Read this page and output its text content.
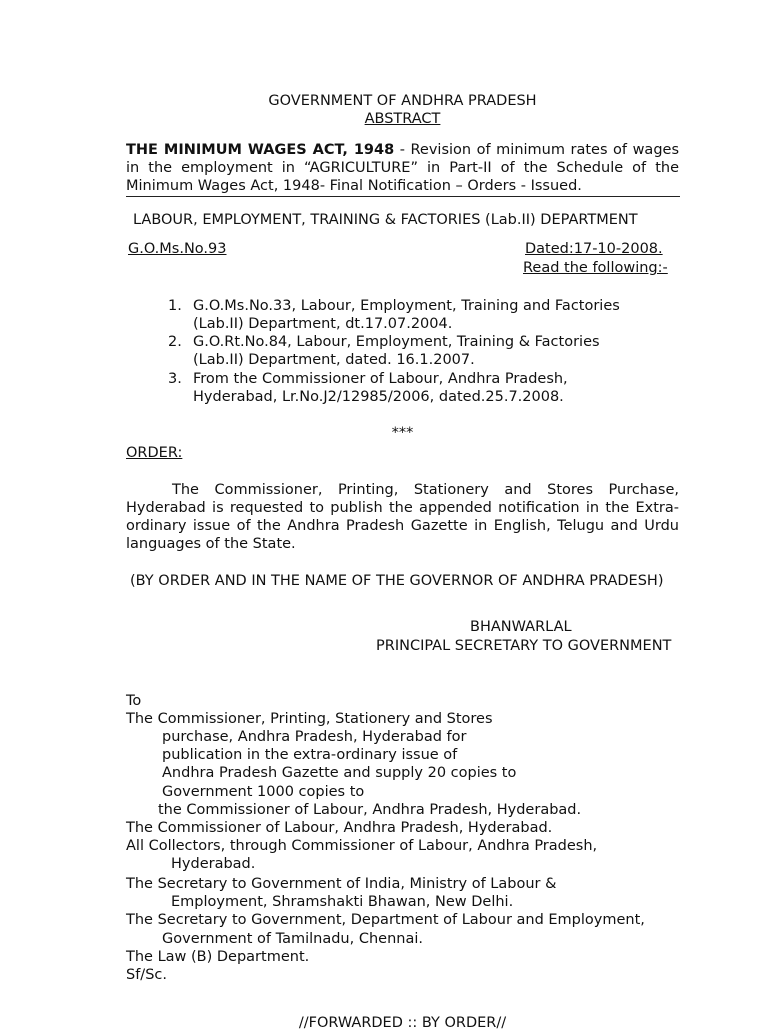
GOVERNMENT OF ANDHRA PRADESH
ABSTRACT
THE MINIMUM WAGES ACT, 1948 - Revision of minimum rates of wages in the employment in “AGRICULTURE” in Part-II of the Schedule of the Minimum Wages Act, 1948- Final Notification – Orders - Issued.
LABOUR, EMPLOYMENT, TRAINING & FACTORIES (Lab.II) DEPARTMENT
G.O.Ms.No.93	Dated:17-10-2008.
Read the following:-
1. G.O.Ms.No.33, Labour, Employment, Training and Factories
(Lab.II) Department, dt.17.07.2004.
2. G.O.Rt.No.84, Labour, Employment, Training & Factories
(Lab.II) Department, dated. 16.1.2007.
3. From the Commissioner of Labour, Andhra Pradesh,
Hyderabad, Lr.No.J2/12985/2006, dated.25.7.2008.
***
ORDER:
The Commissioner, Printing, Stationery and Stores Purchase, Hyderabad is requested to publish the appended notification in the Extra-ordinary issue of the Andhra Pradesh Gazette in English, Telugu and Urdu languages of the State.
(BY ORDER AND IN THE NAME OF THE GOVERNOR OF ANDHRA PRADESH)
BHANWARLAL
PRINCIPAL SECRETARY TO GOVERNMENT
To
The Commissioner, Printing, Stationery and Stores
purchase, Andhra Pradesh, Hyderabad for
publication in the extra-ordinary issue of
Andhra Pradesh Gazette and supply 20 copies to
Government 1000 copies to
the Commissioner of Labour, Andhra Pradesh, Hyderabad.
The Commissioner of Labour, Andhra Pradesh, Hyderabad.
All Collectors, through Commissioner of Labour, Andhra Pradesh,
Hyderabad.
The Secretary to Government of India, Ministry of Labour &
Employment, Shramshakti Bhawan, New Delhi.
The Secretary to Government, Department of Labour and Employment,
Government of Tamilnadu, Chennai.
The Law (B) Department.
Sf/Sc.
//FORWARDED :: BY ORDER//
